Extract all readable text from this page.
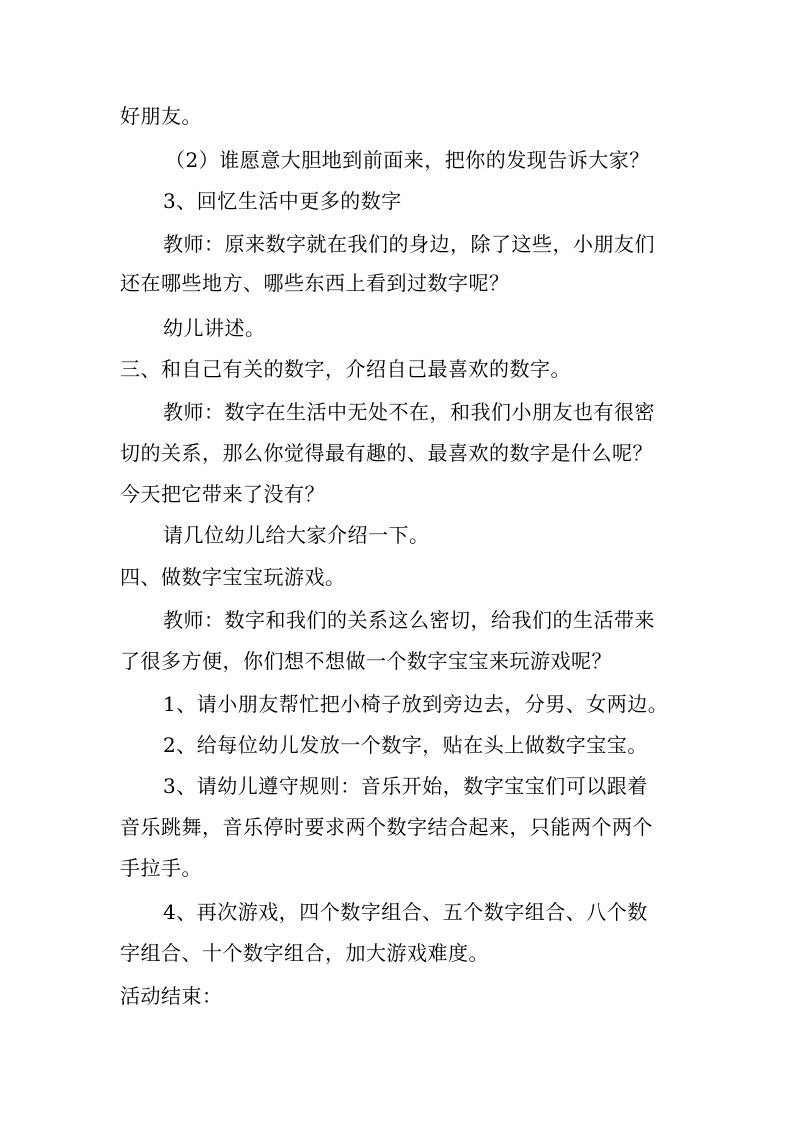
好朋友。
（2）谁愿意大胆地到前面来，把你的发现告诉大家？
3、回忆生活中更多的数字
教师：原来数字就在我们的身边，除了这些，小朋友们
还在哪些地方、哪些东西上看到过数字呢？
幼儿讲述。
三、和自己有关的数字，介绍自己最喜欢的数字。
教师：数字在生活中无处不在，和我们小朋友也有很密
切的关系，那么你觉得最有趣的、最喜欢的数字是什么呢？
今天把它带来了没有？
请几位幼儿给大家介绍一下。
四、做数字宝宝玩游戏。
教师：数字和我们的关系这么密切，给我们的生活带来
了很多方便，你们想不想做一个数字宝宝来玩游戏呢？
1、请小朋友帮忙把小椅子放到旁边去，分男、女两边。
2、给每位幼儿发放一个数字，贴在头上做数字宝宝。
3、请幼儿遵守规则：音乐开始，数字宝宝们可以跟着
音乐跳舞，音乐停时要求两个数字结合起来，只能两个两个
手拉手。
4、再次游戏，四个数字组合、五个数字组合、八个数
字组合、十个数字组合，加大游戏难度。
活动结束：
